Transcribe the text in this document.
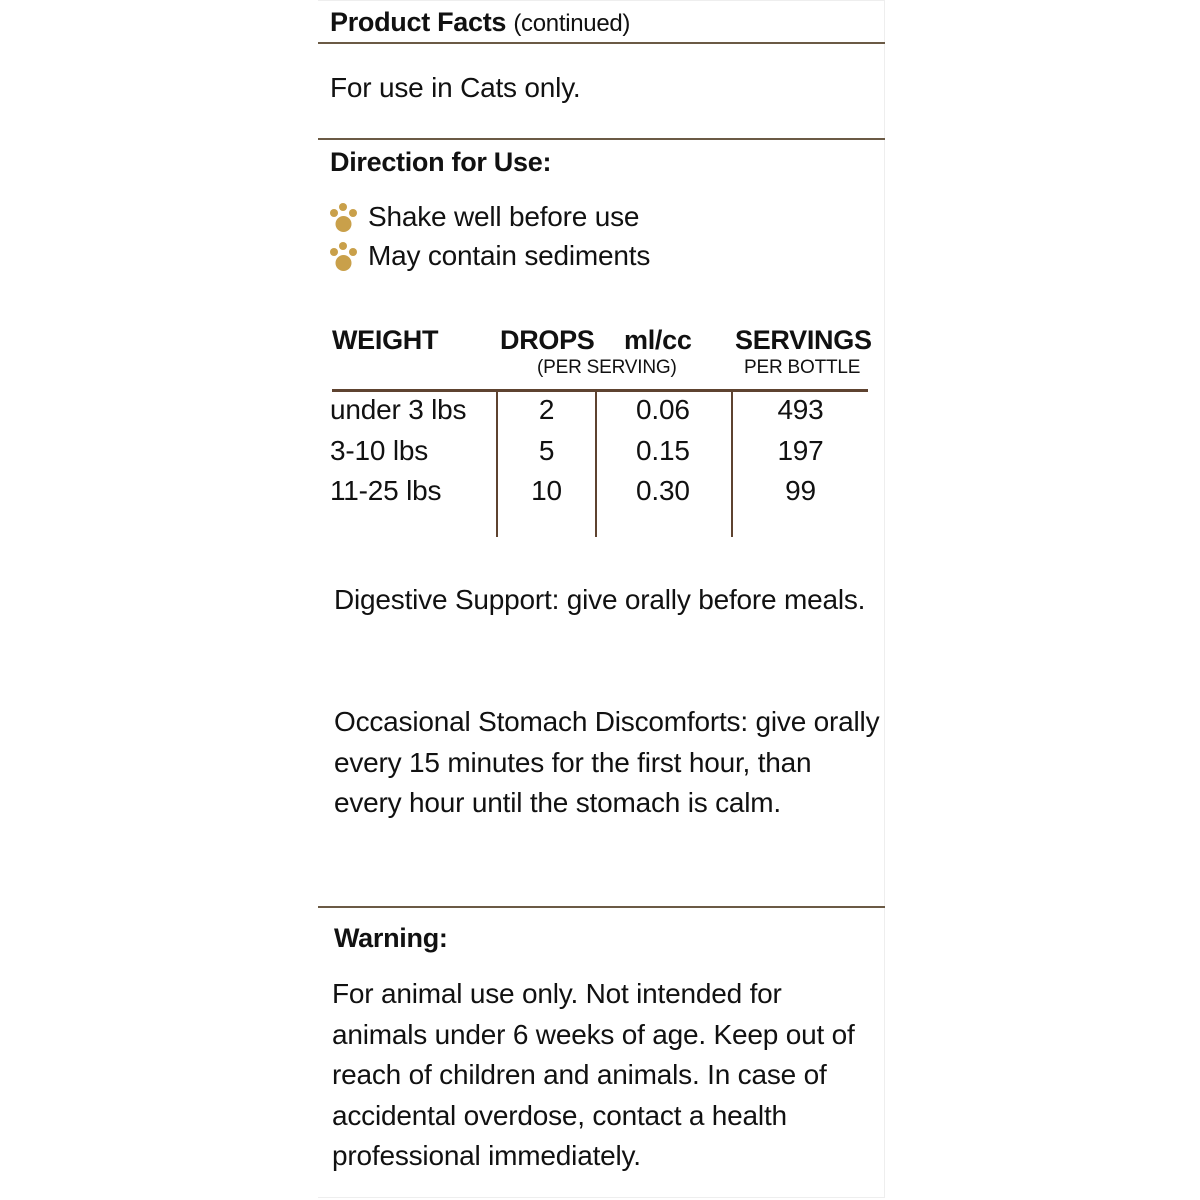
Product Facts (continued)
For use in Cats only.
Direction for Use:
Shake well before use
May contain sediments
WEIGHT DROPS ml/cc SERVINGS
(PER SERVING)	PER BOTTLE
under 3 lbs	2	0.06	493
3-10 lbs	5	0.15	197
11-25 lbs	10	0.30	99
Digestive Support: give orally before meals.
Occasional Stomach Discomforts: give orally every 15 minutes for the first hour, than every hour until the stomach is calm.
Warning:
For animal use only. Not intended for animals under 6 weeks of age. Keep out of reach of children and animals. In case of accidental overdose, contact a health professional immediately.
